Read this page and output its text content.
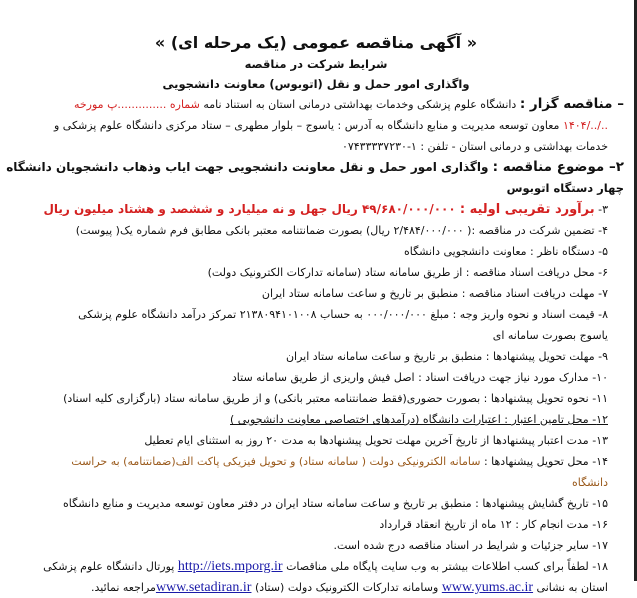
« آگهی مناقصه عمومی (یک مرحله ای) »
شرایط شرکت در مناقصه
واگذاری امور حمل و نقل (اتوبوس) معاونت دانشجویی
– مناقصه گزار : دانشگاه علوم پزشکی وخدمات بهداشتی درمانی استان به استناد نامه شماره ..............پ مورخه
../../۱۴۰۴ معاون توسعه مدیریت و منابع دانشگاه به آدرس : یاسوج – بلوار مطهری – ستاد مرکزی دانشگاه علوم پزشکی و
خدمات بهداشتی و درمانی استان - تلفن : ۱-۰۷۴۳۳۳۳۷۲۳۰
۲– موضوع مناقصه : واگذاری امور حمل و نقل معاونت دانشجویی جهت ایاب وذهاب دانشجویان دانشگاه
چهار دستگاه اتوبوس
۳- برآورد تقریبی اولیه : ۴۹/۶۸۰/۰۰۰/۰۰۰ ریال جهل و نه میلیارد و ششصد و هشتاد میلیون ریال
۴- تضمین شرکت در مناقصه :( ۲/۴۸۴/۰۰۰/۰۰۰ ریال) بصورت ضمانتنامه معتبر بانکی مطابق فرم شماره یک( پیوست)
۵- دستگاه ناظر : معاونت دانشجویی دانشگاه
۶- محل دریافت اسناد مناقصه : از طریق سامانه ستاد (سامانه تدارکات الکترونیک دولت)
۷- مهلت دریافت اسناد مناقصه : منطبق بر تاریخ و ساعت سامانه ستاد ایران
۸- قیمت اسناد و نحوه واریز وجه : مبلغ ۰۰۰/۰۰۰/۰۰۰ به حساب ۲۱۳۸۰۹۴۱۰۱۰۰۸ تمرکز درآمد دانشگاه علوم پزشکی
یاسوج بصورت سامانه ای
۹- مهلت تحویل پیشنهادها : منطبق بر تاریخ و ساعت سامانه ستاد ایران
۱۰- مدارک مورد نیاز جهت دریافت اسناد : اصل فیش واریزی از طریق سامانه ستاد
۱۱- نحوه تحویل پیشنهادها : بصورت حضوری(فقط ضمانتنامه معتبر بانکی) و از طریق سامانه ستاد (بارگزاری کلیه اسناد)
۱۲- محل تامین اعتبار : اعتبارات دانشگاه (درآمدهای اختصاصی معاونت دانشجویی )
۱۳- مدت اعتبار پیشنهادها از تاریخ آخرین مهلت تحویل پیشنهادها به مدت ۲۰ روز به استثنای ایام تعطیل
۱۴- محل تحویل پیشنهادها : سامانه الکترونیکی دولت ( سامانه ستاد) و تحویل فیزیکی پاکت الف(ضمانتنامه) به حراست
دانشگاه
۱۵- تاریخ گشایش پیشنهادها : منطبق بر تاریخ و ساعت سامانه ستاد ایران در دفتر معاون توسعه مدیریت و منابع دانشگاه
۱۶- مدت انجام کار : ۱۲ ماه از تاریخ انعقاد قرارداد
۱۷- سایر جزئیات و شرایط در اسناد مناقصه درج شده است.
۱۸- لطفاً برای کسب اطلاعات بیشتر به وب سایت پایگاه ملی مناقصات http://iets.mporg.ir پورتال دانشگاه علوم پزشکی
استان به نشانی www.yums.ac.ir وسامانه تدارکات الکترونیک دولت (ستاد) www.setadiran.irمراجعه نمائید.
